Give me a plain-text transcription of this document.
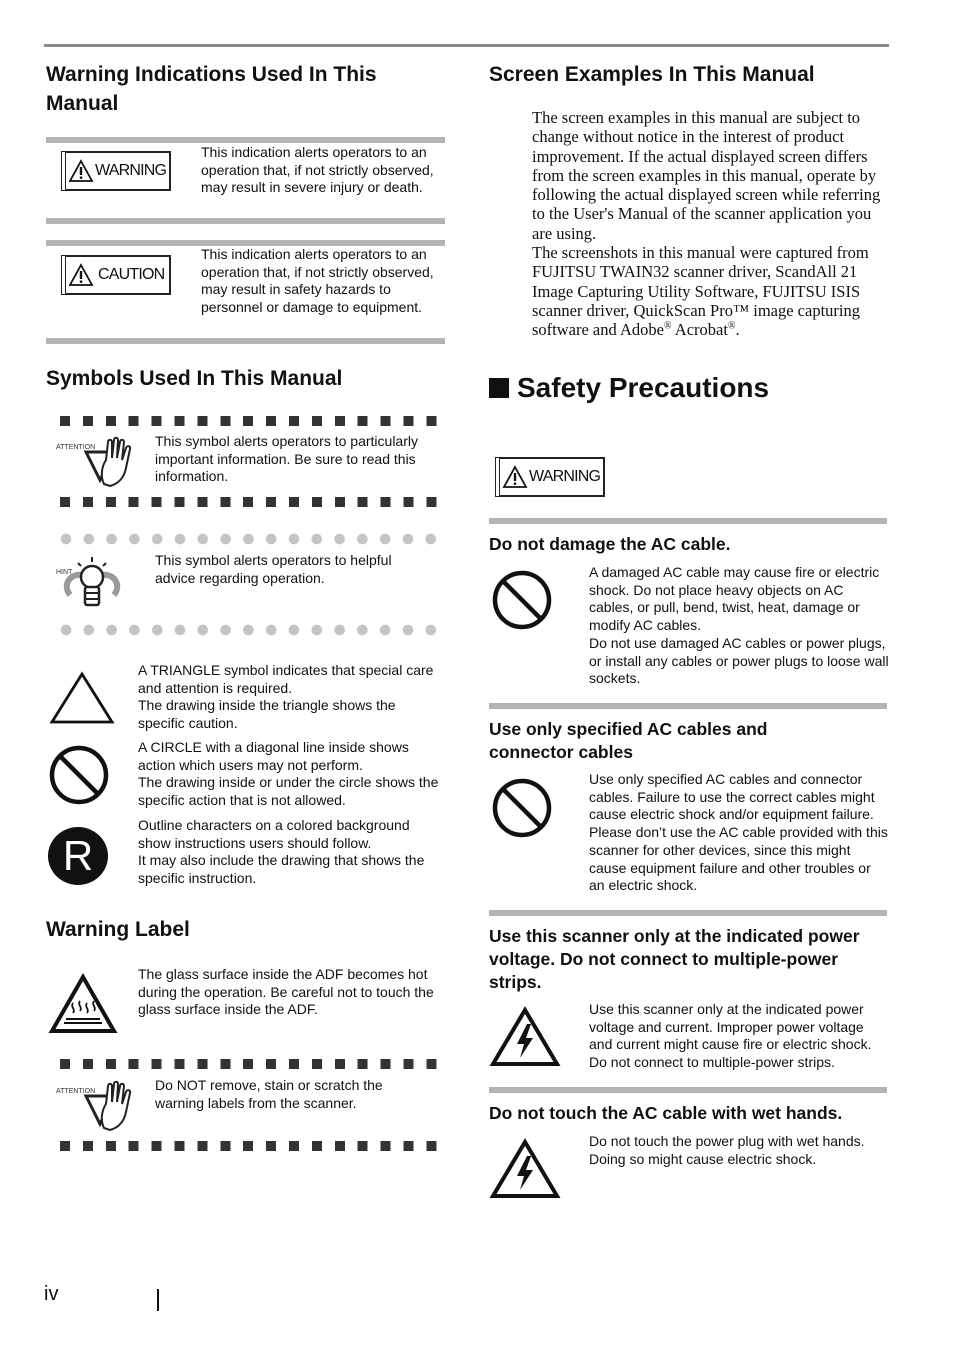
Warning Indications Used In This Manual
WARNING
This indication alerts operators to an operation that, if not strictly observed, may result in severe injury or death.
CAUTION
This indication alerts operators to an operation that, if not strictly observed, may result in safety hazards to personnel or damage to equipment.
Symbols Used In This Manual
ATTENTION	This symbol alerts operators to particularly important information. Be sure to read this information.
HINT
This symbol alerts operators to helpful advice regarding operation.
A TRIANGLE symbol indicates that special care and attention is required.
The drawing inside the triangle shows the specific caution.
A CIRCLE with a diagonal line inside shows action which users may not perform.
The drawing inside or under the circle shows the specific action that is not allowed.
R
Outline characters on a colored background show instructions users should follow.
It may also include the drawing that shows the specific instruction.
Warning Label
The glass surface inside the ADF becomes hot during the operation. Be careful not to touch the glass surface inside the ADF.
ATTENTION	Do NOT remove, stain or scratch the warning labels from the scanner.
Screen Examples In This Manual
The screen examples in this manual are subject to change without notice in the interest of product improvement. If the actual displayed screen differs from the screen examples in this manual, operate by following the actual displayed screen while referring to the User's Manual of the scanner application you are using.
The screenshots in this manual were captured from FUJITSU TWAIN32 scanner driver, ScandAll 21 Image Capturing Utility Software, FUJITSU ISIS scanner driver, QuickScan Pro™ image capturing software and Adobe® Acrobat®.
Safety Precautions
WARNING
Do not damage the AC cable.
A damaged AC cable may cause fire or electric shock. Do not place heavy objects on AC cables, or pull, bend, twist, heat, damage or modify AC cables.
Do not use damaged AC cables or power plugs, or install any cables or power plugs to loose wall sockets.
Use only specified AC cables and connector cables
Use only specified AC cables and connector cables. Failure to use the correct cables might cause electric shock and/or equipment failure. Please don’t use the AC cable provided with this scanner for other devices, since this might cause equipment failure and other troubles or an electric shock.
Use this scanner only at the indicated power voltage. Do not connect to multiple-power strips.
Use this scanner only at the indicated power voltage and current. Improper power voltage and current might cause fire or electric shock. Do not connect to multiple-power strips.
Do not touch the AC cable with wet hands.
Do not touch the power plug with wet hands. Doing so might cause electric shock.
iv
